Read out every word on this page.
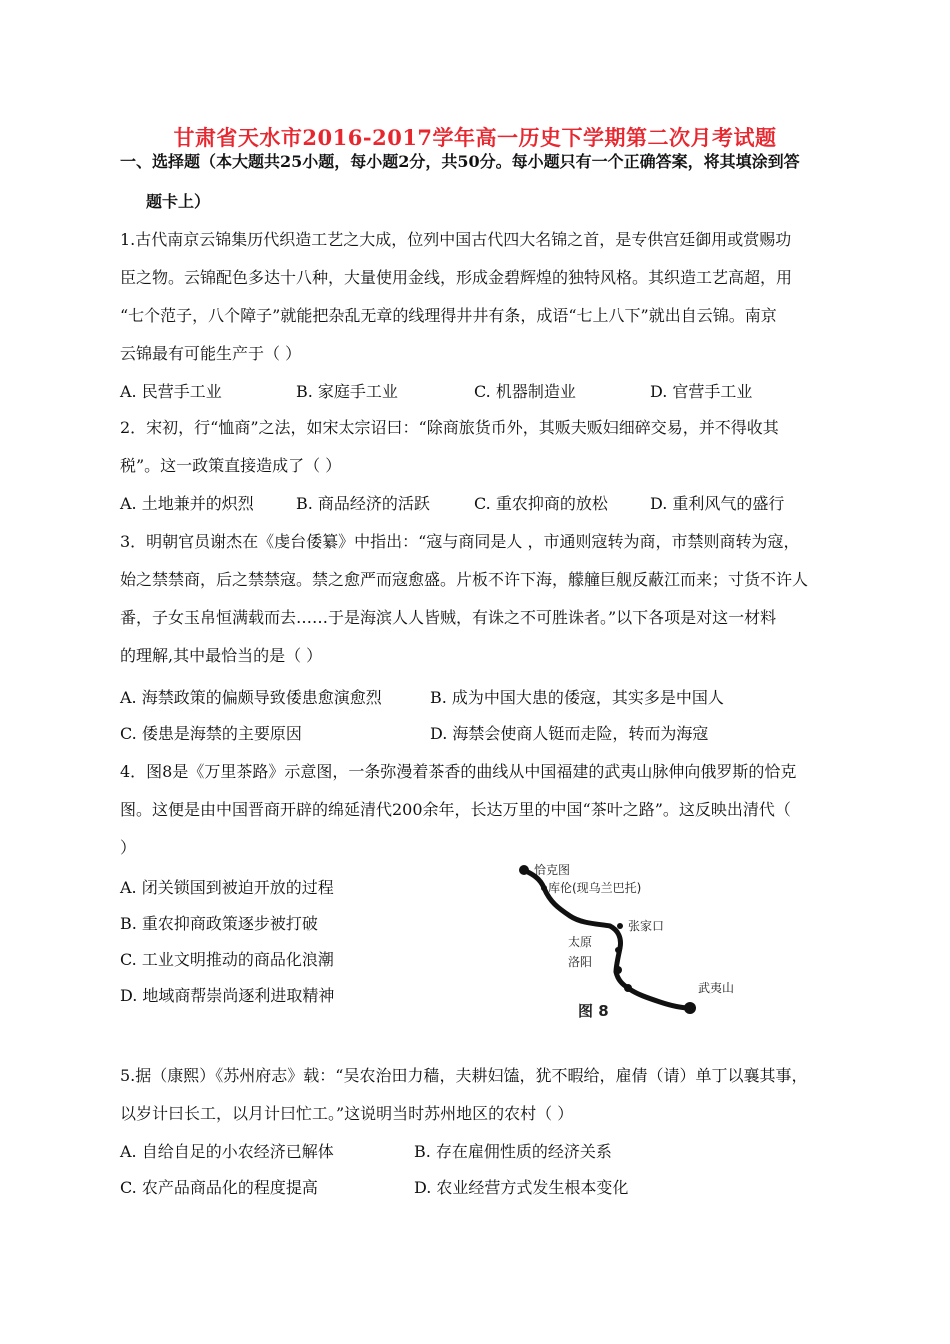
甘肃省天水市2016-2017学年高一历史下学期第二次月考试题
一、选择题（本大题共25小题，每小题2分，共50分。每小题只有一个正确答案，将其填涂到答
题卡上）
1.古代南京云锦集历代织造工艺之大成，位列中国古代四大名锦之首，是专供宫廷御用或赏赐功
臣之物。云锦配色多达十八种，大量使用金线，形成金碧辉煌的独特风格。其织造工艺高超，用
“七个范子，八个障子”就能把杂乱无章的线理得井井有条，成语“七上八下”就出自云锦。南京
云锦最有可能生产于（ ）
A. 民营手工业	B. 家庭手工业	C. 机器制造业	D. 官营手工业
2．宋初，行“恤商”之法，如宋太宗诏曰：“除商旅货币外，其贩夫贩妇细碎交易，并不得收其
税”。这一政策直接造成了（ ）
A. 土地兼并的炽烈	B. 商品经济的活跃	C. 重农抑商的放松	D. 重利风气的盛行
3．明朝官员谢杰在《虔台倭纂》中指出：“寇与商同是人 ，市通则寇转为商，市禁则商转为寇，
始之禁禁商，后之禁禁寇。禁之愈严而寇愈盛。片板不许下海，艨艟巨舰反蔽江而来；寸货不许人
番，子女玉帛恒满载而去……于是海滨人人皆贼，有诛之不可胜诛者。”以下各项是对这一材料
的理解,其中最恰当的是（ ）
A. 海禁政策的偏颇导致倭患愈演愈烈	B. 成为中国大患的倭寇，其实多是中国人
C. 倭患是海禁的主要原因	D. 海禁会使商人铤而走险，转而为海寇
4．图8是《万里茶路》示意图，一条弥漫着茶香的曲线从中国福建的武夷山脉伸向俄罗斯的恰克
图。这便是由中国晋商开辟的绵延清代200余年，长达万里的中国“茶叶之路”。这反映出清代（
）
A. 闭关锁国到被迫开放的过程
B. 重农抑商政策逐步被打破
C. 工业文明推动的商品化浪潮
D. 地域商帮崇尚逐利进取精神
恰克图
库伦(现乌兰巴托)
张家口
太原
洛阳
武夷山
图 8
5.据（康熙）《苏州府志》载：“吴农治田力穑，夫耕妇馌，犹不暇给，雇倩（请）单丁以襄其事，
以岁计曰长工，以月计曰忙工。”这说明当时苏州地区的农村（ ）
A. 自给自足的小农经济已解体	B. 存在雇佣性质的经济关系
C. 农产品商品化的程度提高	D. 农业经营方式发生根本变化
